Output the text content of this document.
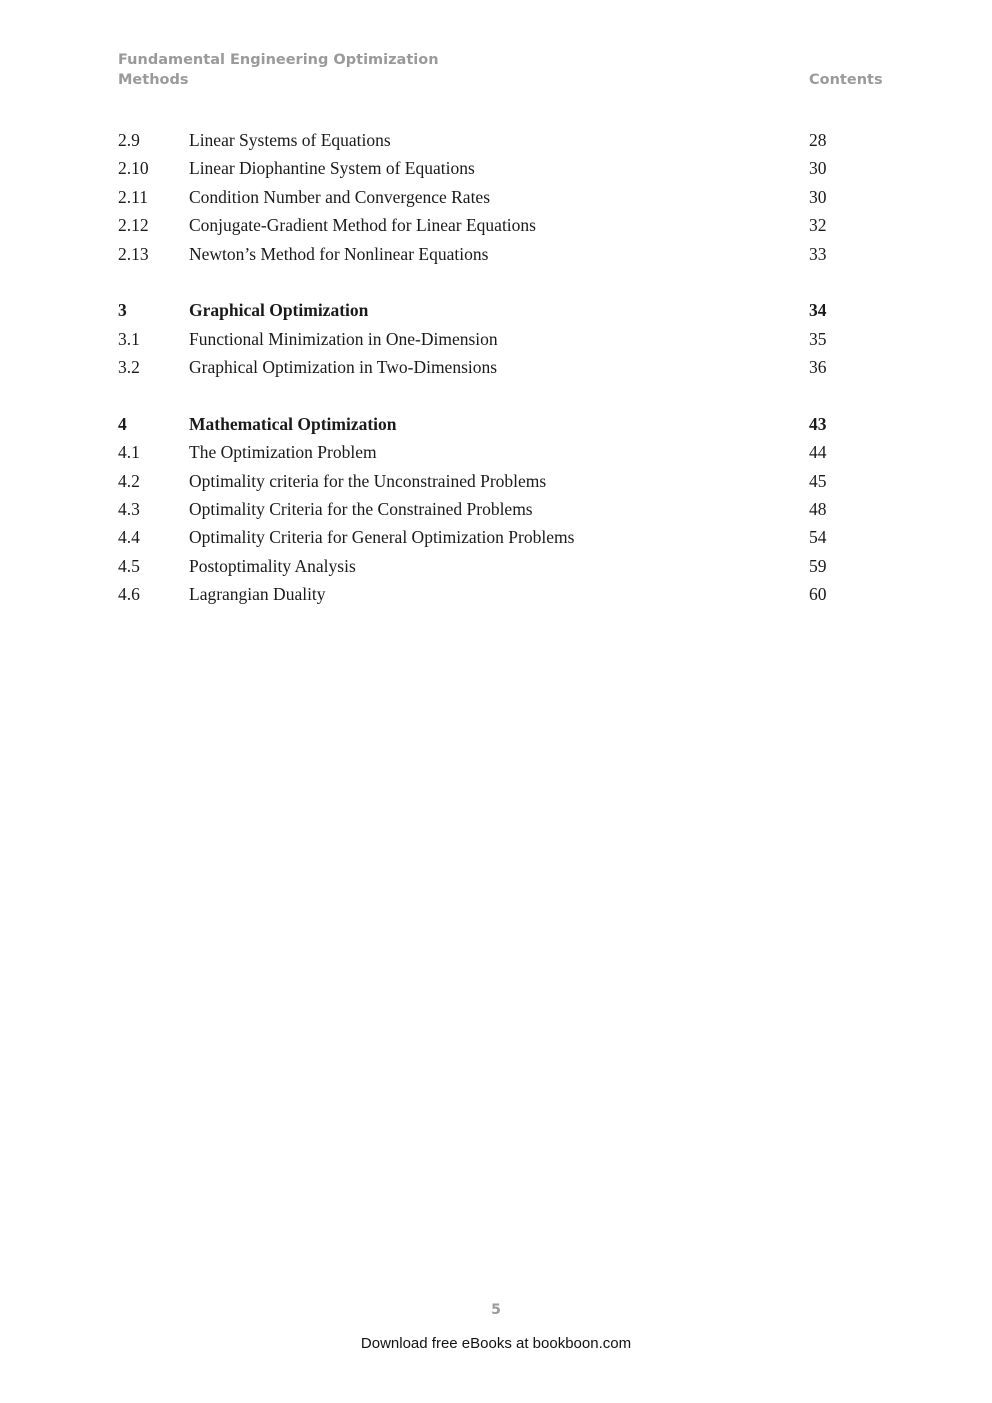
Fundamental Engineering Optimization
Methods	Contents
2.9	Linear Systems of Equations	28
2.10 Linear Diophantine System of Equations	30
2.11 Condition Number and Convergence Rates	30
2.12 Conjugate-Gradient Method for Linear Equations	32
2.13 Newton’s Method for Nonlinear Equations	33
3	Graphical Optimization	34
3.1	Functional Minimization in One-Dimension	35
3.2	Graphical Optimization in Two-Dimensions	36
4	Mathematical Optimization	43
4.1	The Optimization Problem	44
4.2	Optimality criteria for the Unconstrained Problems	45
4.3	Optimality Criteria for the Constrained Problems	48
4.4	Optimality Criteria for General Optimization Problems	54
4.5	Postoptimality Analysis	59
4.6	Lagrangian Duality	60
5
Download free eBooks at bookboon.com
